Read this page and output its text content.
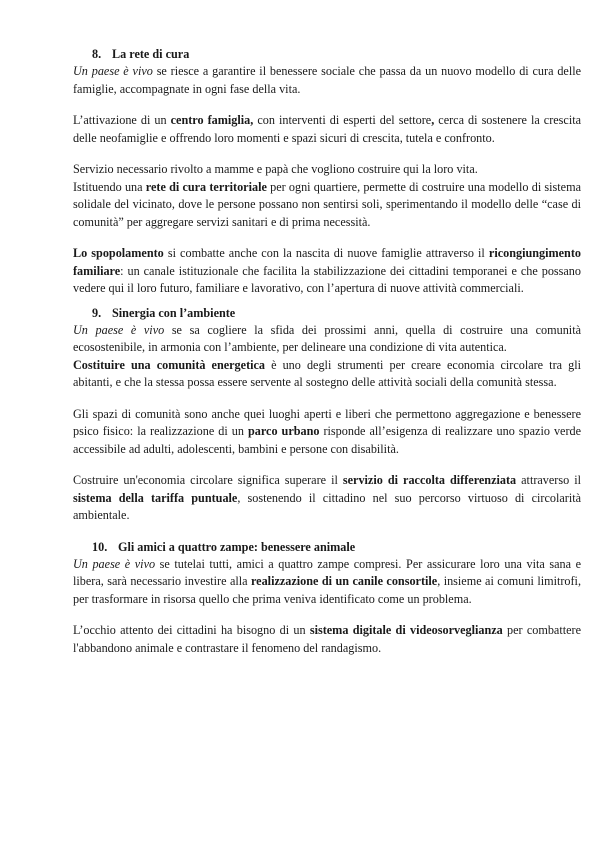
8. La rete di cura

Un paese è vivo se riesce a garantire il benessere sociale che passa da un nuovo modello di cura delle famiglie, accompagnate in ogni fase della vita.

L’attivazione di un centro famiglia, con interventi di esperti del settore, cerca di sostenere la crescita delle neofamiglie e offrendo loro momenti e spazi sicuri di crescita, tutela e confronto.

Servizio necessario rivolto a mamme e papà che vogliono costruire qui la loro vita.

Istituendo una rete di cura territoriale per ogni quartiere, permette di costruire una modello di sistema solidale del vicinato, dove le persone possano non sentirsi soli, sperimentando il modello delle “case di comunità” per aggregare servizi sanitari e di prima necessità.

Lo spopolamento si combatte anche con la nascita di nuove famiglie attraverso il ricongiungimento familiare: un canale istituzionale che facilita la stabilizzazione dei cittadini temporanei e che possano vedere qui il loro futuro, familiare e lavorativo, con l’apertura di nuove attività commerciali.

9. Sinergia con l’ambiente

Un paese è vivo se sa cogliere la sfida dei prossimi anni, quella di costruire una comunità ecosostenibile, in armonia con l’ambiente, per delineare una condizione di vita autentica.

Costituire una comunità energetica è uno degli strumenti per creare economia circolare tra gli abitanti, e che la stessa possa essere servente al sostegno delle attività sociali della comunità stessa.

Gli spazi di comunità sono anche quei luoghi aperti e liberi che permettono aggregazione e benessere psico fisico: la realizzazione di un parco urbano risponde all’esigenza di realizzare uno spazio verde accessibile ad adulti, adolescenti, bambini e persone con disabilità.

Costruire un'economia circolare significa superare il servizio di raccolta differenziata attraverso il sistema della tariffa puntuale, sostenendo il cittadino nel suo percorso virtuoso di circolarità ambientale.

10. Gli amici a quattro zampe: benessere animale

Un paese è vivo se tutelai tutti, amici a quattro zampe compresi. Per assicurare loro una vita sana e libera, sarà necessario investire alla realizzazione di un canile consortile, insieme ai comuni limitrofi, per trasformare in risorsa quello che prima veniva identificato come un problema.

L’occhio attento dei cittadini ha bisogno di un sistema digitale di videosorveglianza per combattere l'abbandono animale e contrastare il fenomeno del randagismo.
